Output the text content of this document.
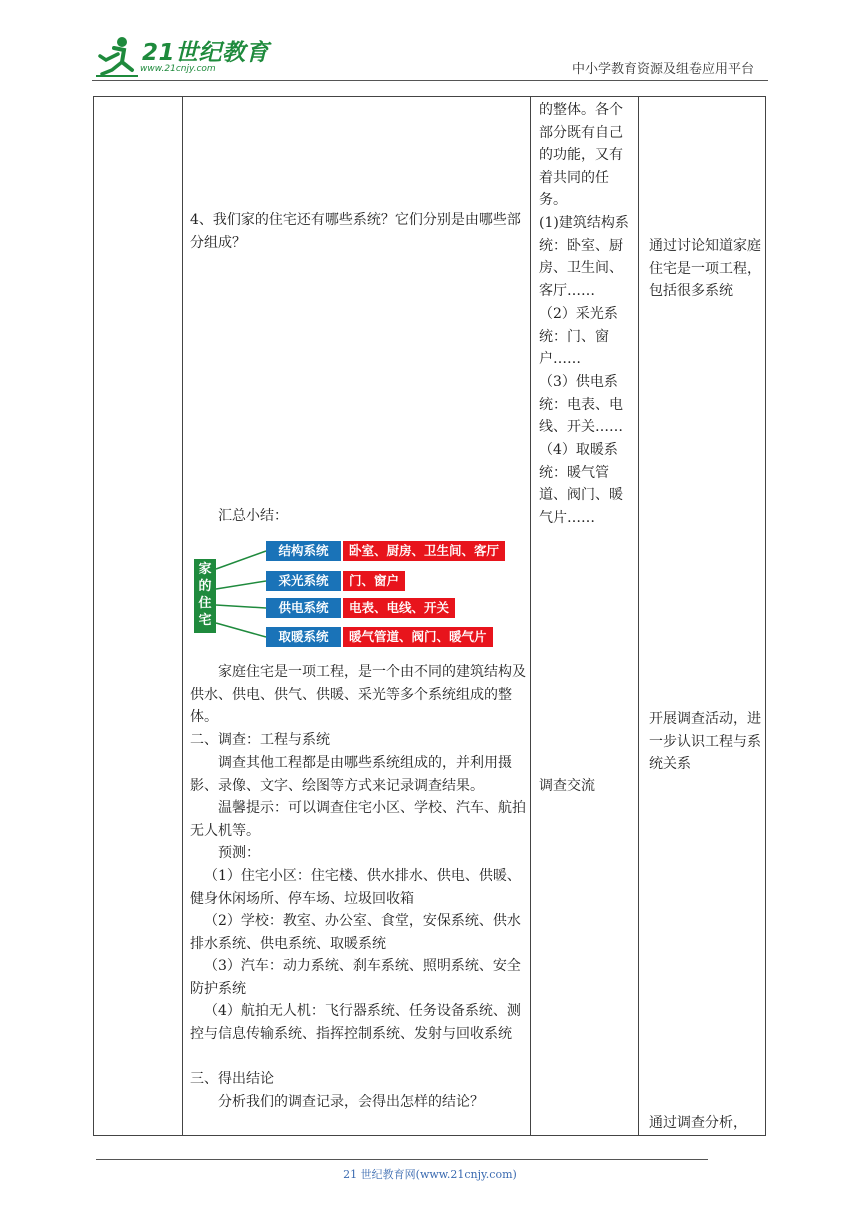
21世纪教育
www.21cnjy.com	中小学教育资源及组卷应用平台
4、我们家的住宅还有哪些系统？它们分别是由哪些部分组成？
汇总小结：
家的住宅
结构系统	卧室、厨房、卫生间、客厅
采光系统	门、窗户
供电系统	电表、电线、开关
取暖系统	暖气管道、阀门、暖气片
家庭住宅是一项工程，是一个由不同的建筑结构及供水、供电、供气、供暖、采光等多个系统组成的整体。
二、调查：工程与系统
调查其他工程都是由哪些系统组成的，并利用摄影、录像、文字、绘图等方式来记录调查结果。
温馨提示：可以调查住宅小区、学校、汽车、航拍无人机等。
预测：
（1）住宅小区：住宅楼、供水排水、供电、供暖、健身休闲场所、停车场、垃圾回收箱
（2）学校：教室、办公室、食堂，安保系统、供水排水系统、供电系统、取暖系统
（3）汽车：动力系统、刹车系统、照明系统、安全防护系统
（4）航拍无人机：飞行器系统、任务设备系统、测控与信息传输系统、指挥控制系统、发射与回收系统
三、得出结论
分析我们的调查记录，会得出怎样的结论？
的整体。各个部分既有自己的功能，又有着共同的任务。
(1)建筑结构系统：卧室、厨房、卫生间、客厅……
（2）采光系统：门、窗户……
（3）供电系统：电表、电线、开关……
（4）取暖系统：暖气管道、阀门、暖气片……
调查交流
通过讨论知道家庭住宅是一项工程，包括很多系统
开展调查活动，进一步认识工程与系统关系
通过调查分析，
21 世纪教育网(www.21cnjy.com)
